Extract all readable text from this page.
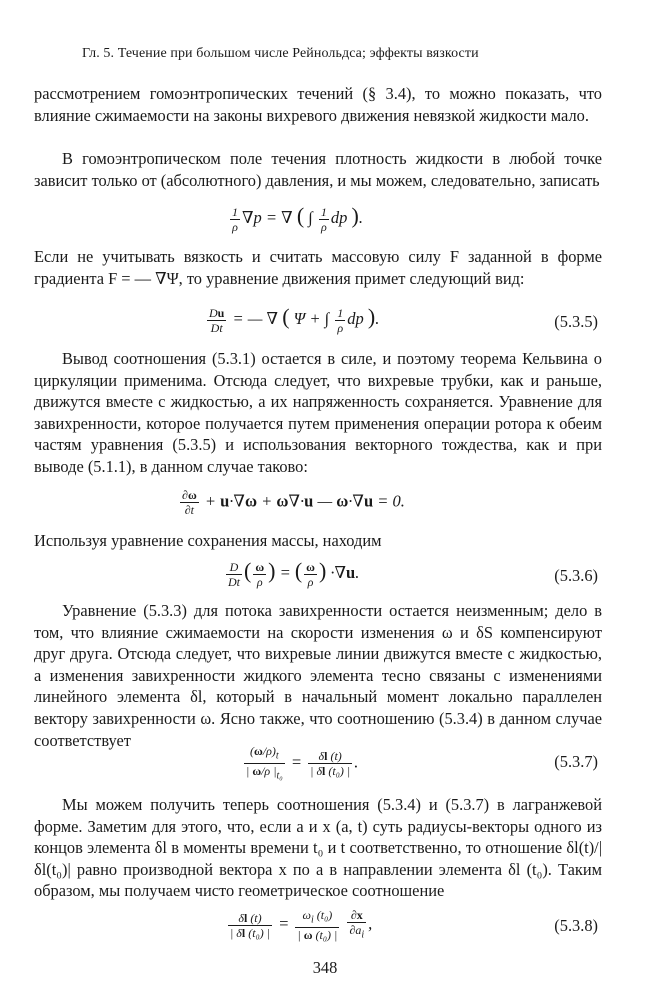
Гл. 5. Течение при большом числе Рейнольдса; эффекты вязкости
рассмотрением гомоэнтропических течений (§ 3.4), то можно показать, что влияние сжимаемости на законы вихревого движения невязкой жидкости мало.
В гомоэнтропическом поле течения плотность жидкости в любой точке зависит только от (абсолютного) давления, и мы можем, следовательно, записать
$\frac{1}{\rho} \nabla p$ = ∇ ( ∫ $\frac{1}{\rho}$ dp ).
Если не учитывать вязкость и считать массовую силу F заданной в форме градиента F = — ∇Ψ, то уравнение движения примет следующий вид:
$\frac{Du}{Dt}$ = — ∇ ( Ψ + ∫ $\frac{1}{\rho}$ dp ).	(5.3.5)
Вывод соотношения (5.3.1) остается в силе, и поэтому теорема Кельвина о циркуляции применима. Отсюда следует, что вихревые трубки, как и раньше, движутся вместе с жидкостью, а их напряженность сохраняется. Уравнение для завихренности, которое получается путем применения операции ротора к обеим частям уравнения (5.3.5) и использования векторного тождества, как и при выводе (5.1.1), в данном случае таково:
$\frac{\partial\omega}{\partial t} + u\cdot\nabla\omega + \omega\nabla\cdot u$ — ω·∇u = 0.
Используя уравнение сохранения массы, находим
$\frac{D}{Dt}$ ( $\frac{\omega}{\rho}$ ) = ( $\frac{\omega}{\rho}$ ) ·∇u.	(5.3.6)
Уравнение (5.3.3) для потока завихренности остается неизменным; дело в том, что влияние сжимаемости на скорости изменения ω и δS компенсируют друг друга. Отсюда следует, что вихревые линии движутся вместе с жидкостью, а изменения завихренности жидкого элемента тесно связаны с изменениями линейного элемента δl, который в начальный момент локально параллелен вектору завихренности ω. Ясно также, что соотношению (5.3.4) в данном случае соответствует
$\frac{(\omega/\rho)_t}{| \omega/\rho |_{t_0}} = \frac{\delta l (t)}{\text{| δl (t₀) |}}$ .	(5.3.7)
Мы можем получить теперь соотношения (5.3.4) и (5.3.7) в лагранжевой форме. Заметим для этого, что, если a и x (a, t) суть радиусы-векторы одного из концов элемента δl в моменты времени t₀ и t соответственно, то отношение δl(t)/|δl(t₀)| равно производной вектора x по a в направлении элемента δl (t₀). Таким образом, мы получаем чисто геометрическое соотношение
$\frac{\delta l (t)}{\text{| δl (t₀) |}} = \frac{\omega_i (t_0)}{\text{| ω (t₀) |}}$
$\frac{\partial x}{\partial a_i}$ ,	(5.3.8)
348
